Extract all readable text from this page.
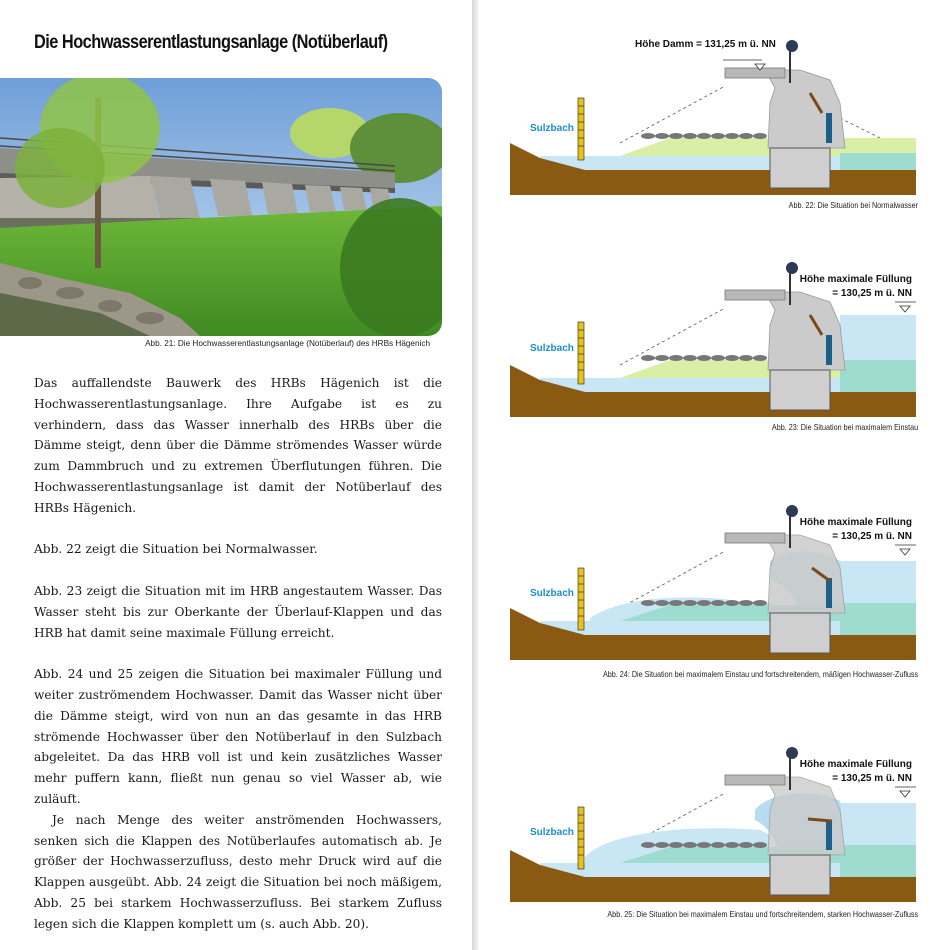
Die Hochwasserentlastungsanlage (Notüberlauf)
Abb. 21: Die Hochwasserentlastungsanlage (Notüberlauf) des HRBs Hägenich

Das auffallendste Bauwerk des HRBs Hägenich ist die Hochwasserentlastungsanlage. Ihre Aufgabe ist es zu verhindern, dass das Wasser innerhalb des HRBs über die Dämme steigt, denn über die Dämme strömendes Wasser würde zum Dammbruch und zu extremen Überflutungen führen. Die Hochwasserentlastungsanlage ist damit der Notüberlauf des HRBs Hägenich.

Abb. 22 zeigt die Situation bei Normalwasser.

Abb. 23 zeigt die Situation mit im HRB angestautem Wasser. Das Wasser steht bis zur Oberkante der Überlauf-Klappen und das HRB hat damit seine maximale Füllung erreicht.

Abb. 24 und 25 zeigen die Situation bei maximaler Füllung und weiter zuströmendem Hochwasser. Damit das Wasser nicht über die Dämme steigt, wird von nun an das gesamte in das HRB strömende Hochwasser über den Notüberlauf in den Sulzbach abgeleitet. Da das HRB voll ist und kein zusätzliches Wasser mehr puffern kann, fließt nun genau so viel Wasser ab, wie zuläuft.

Je nach Menge des weiter anströmenden Hochwassers, senken sich die Klappen des Notüberlaufes automatisch ab. Je größer der Hochwasserzufluss, desto mehr Druck wird auf die Klappen ausgeübt. Abb. 24 zeigt die Situation bei noch mäßigem, Abb. 25 bei starkem Hochwasserzufluss. Bei starkem Zufluss legen sich die Klappen komplett um (s. auch Abb. 20).

Höhe Damm = 131,25 m ü. NN
Sulzbach
Abb. 22: Die Situation bei Normalwasser
Höhe maximale Füllung
= 130,25 m ü. NN
Sulzbach
Abb. 23: Die Situation bei maximalem Einstau
Höhe maximale Füllung
= 130,25 m ü. NN
Sulzbach
Abb. 24: Die Situation bei maximalem Einstau und fortschreitendem, mäßigen Hochwasser-Zufluss
Höhe maximale Füllung
= 130,25 m ü. NN
Sulzbach
Abb. 25: Die Situation bei maximalem Einstau und fortschreitendem, starken Hochwasser-Zufluss
